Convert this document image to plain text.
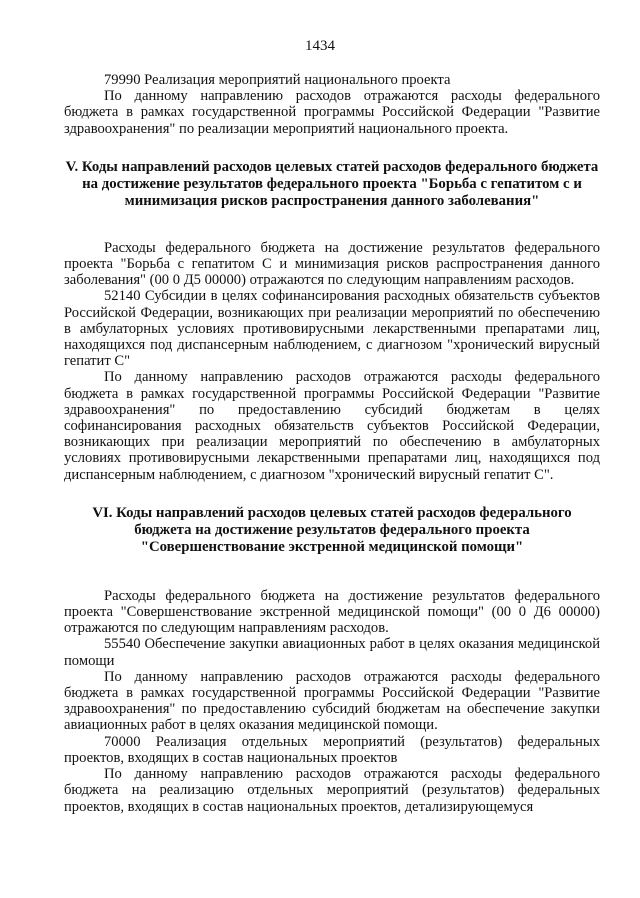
1434

79990 Реализация мероприятий национального проекта

По данному направлению расходов отражаются расходы федерального бюджета в рамках государственной программы Российской Федерации "Развитие здравоохранения" по реализации мероприятий национального проекта.

V. Коды направлений расходов целевых статей расходов федерального бюджета на достижение результатов федерального проекта "Борьба с гепатитом с и минимизация рисков распространения данного заболевания"

Расходы федерального бюджета на достижение результатов федерального проекта "Борьба с гепатитом С и минимизация рисков распространения данного заболевания" (00 0 Д5 00000) отражаются по следующим направлениям расходов.

52140 Субсидии в целях софинансирования расходных обязательств субъектов Российской Федерации, возникающих при реализации мероприятий по обеспечению в амбулаторных условиях противовирусными лекарственными препаратами лиц, находящихся под диспансерным наблюдением, с диагнозом "хронический вирусный гепатит С"

По данному направлению расходов отражаются расходы федерального бюджета в рамках государственной программы Российской Федерации "Развитие здравоохранения" по предоставлению субсидий бюджетам в целях софинансирования расходных обязательств субъектов Российской Федерации, возникающих при реализации мероприятий по обеспечению в амбулаторных условиях противовирусными лекарственными препаратами лиц, находящихся под диспансерным наблюдением, с диагнозом "хронический вирусный гепатит С".

VI. Коды направлений расходов целевых статей расходов федерального бюджета на достижение результатов федерального проекта "Совершенствование экстренной медицинской помощи"

Расходы федерального бюджета на достижение результатов федерального проекта "Совершенствование экстренной медицинской помощи" (00 0 Д6 00000) отражаются по следующим направлениям расходов.

55540 Обеспечение закупки авиационных работ в целях оказания медицинской помощи

По данному направлению расходов отражаются расходы федерального бюджета в рамках государственной программы Российской Федерации "Развитие здравоохранения" по предоставлению субсидий бюджетам на обеспечение закупки авиационных работ в целях оказания медицинской помощи.

70000 Реализация отдельных мероприятий (результатов) федеральных проектов, входящих в состав национальных проектов

По данному направлению расходов отражаются расходы федерального бюджета на реализацию отдельных мероприятий (результатов) федеральных проектов, входящих в состав национальных проектов, детализирующемуся
